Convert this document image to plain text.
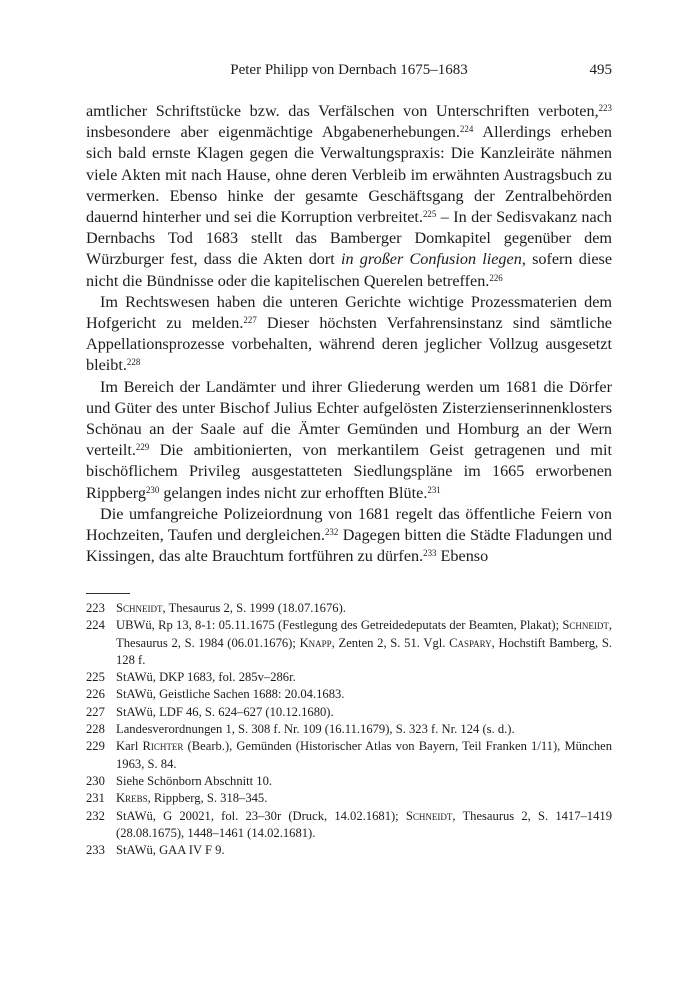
Peter Philipp von Dernbach 1675–1683	495

amtlicher Schriftstücke bzw. das Verfälschen von Unterschriften verboten,$^{223}$ insbesondere aber eigenmächtige Abgabenerhebungen.$^{224}$ Allerdings erheben sich bald ernste Klagen gegen die Verwaltungspraxis: Die Kanzleiräte nähmen viele Akten mit nach Hause, ohne deren Verbleib im erwähnten Austragsbuch zu vermerken. Ebenso hinke der gesamte Geschäftsgang der Zentralbehörden dauernd hinterher und sei die Korruption verbreitet.$^{225}$ – In der Sedisvakanz nach Dernbachs Tod 1683 stellt das Bamberger Domkapitel gegenüber dem Würzburger fest, dass die Akten dort in großer Confusion liegen, sofern diese nicht die Bündnisse oder die kapitelischen Querelen betreffen.$^{226}$

Im Rechtswesen haben die unteren Gerichte wichtige Prozessmaterien dem Hofgericht zu melden.$^{227}$ Dieser höchsten Verfahrensinstanz sind sämtliche Appellationsprozesse vorbehalten, während deren jeglicher Vollzug ausgesetzt bleibt.$^{228}$

Im Bereich der Landämter und ihrer Gliederung werden um 1681 die Dörfer und Güter des unter Bischof Julius Echter aufgelösten Zisterzienserinnenklosters Schönau an der Saale auf die Ämter Gemünden und Homburg an der Wern verteilt.$^{229}$ Die ambitionierten, von merkantilem Geist getragenen und mit bischöflichem Privileg ausgestatteten Siedlungspläne im 1665 erworbenen Rippberg$^{230}$ gelangen indes nicht zur erhofften Blüte.$^{231}$

Die umfangreiche Polizeiordnung von 1681 regelt das öffentliche Feiern von Hochzeiten, Taufen und dergleichen.$^{232}$ Dagegen bitten die Städte Fladungen und Kissingen, das alte Brauchtum fortführen zu dürfen.$^{233}$ Ebenso

223 Schneidt, Thesaurus 2, S. 1999 (18.07.1676).
224 UBWü, Rp 13, 8-1: 05.11.1675 (Festlegung des Getreidedeputats der Beamten, Plakat); Schneidt, Thesaurus 2, S. 1984 (06.01.1676); Knapp, Zenten 2, S. 51. Vgl. Caspary, Hochstift Bamberg, S. 128 f.
225 StAWü, DKP 1683, fol. 285v–286r.
226 StAWü, Geistliche Sachen 1688: 20.04.1683.
227 StAWü, LDF 46, S. 624–627 (10.12.1680).
228 Landesverordnungen 1, S. 308 f. Nr. 109 (16.11.1679), S. 323 f. Nr. 124 (s. d.).
229 Karl Richter (Bearb.), Gemünden (Historischer Atlas von Bayern, Teil Franken 1/11), München 1963, S. 84.
230 Siehe Schönborn Abschnitt 10.
231 Krebs, Rippberg, S. 318–345.
232 StAWü, G 20021, fol. 23–30r (Druck, 14.02.1681); Schneidt, Thesaurus 2, S. 1417–1419 (28.08.1675), 1448–1461 (14.02.1681).
233 StAWü, GAA IV F 9.
